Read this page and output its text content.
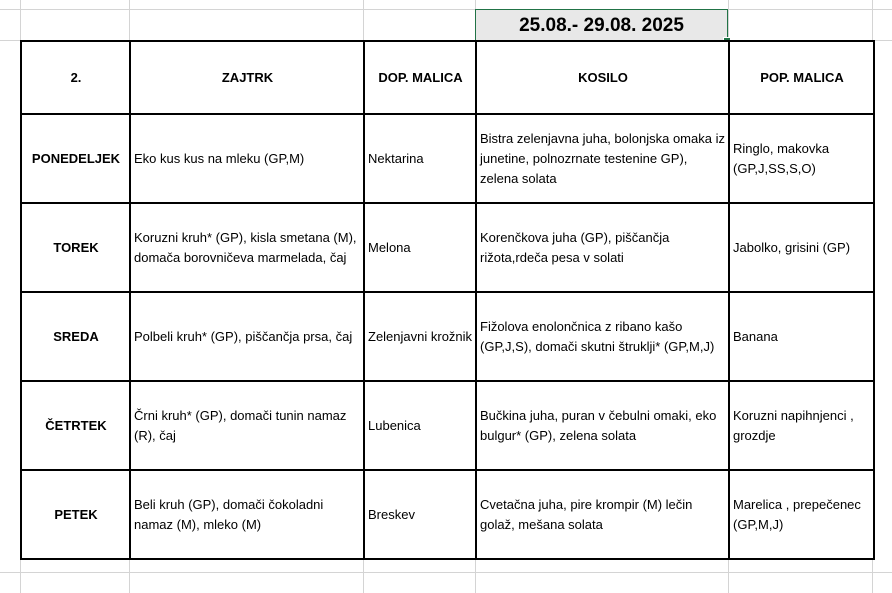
25.08.- 29.08. 2025
2.	ZAJTRK	DOP. MALICA	KOSILO	POP. MALICA
PONEDELJEK	Eko kus kus na mleku (GP,M)	Nektarina	Bistra zelenjavna juha, bolonjska omaka iz junetine, polnozrnate testenine GP), zelena solata	Ringlo, makovka (GP,J,SS,S,O)
TOREK	Koruzni kruh* (GP), kisla smetana (M), domača borovničeva marmelada, čaj	Melona	Korenčkova juha (GP), piščančja rižota,rdeča pesa v solati	Jabolko, grisini (GP)
SREDA	Polbeli kruh* (GP), piščančja prsa, čaj	Zelenjavni krožnik	Fižolova enolončnica z ribano kašo (GP,J,S), domači skutni štruklji* (GP,M,J)	Banana
ČETRTEK	Črni kruh* (GP), domači tunin namaz (R), čaj	Lubenica	Bučkina juha, puran v čebulni omaki, eko bulgur* (GP), zelena solata	Koruzni napihnjenci , grozdje
PETEK	Beli kruh (GP), domači čokoladni namaz (M), mleko (M)	Breskev	Cvetačna juha, pire krompir (M) lečin golaž, mešana solata	Marelica , prepečenec (GP,M,J)
